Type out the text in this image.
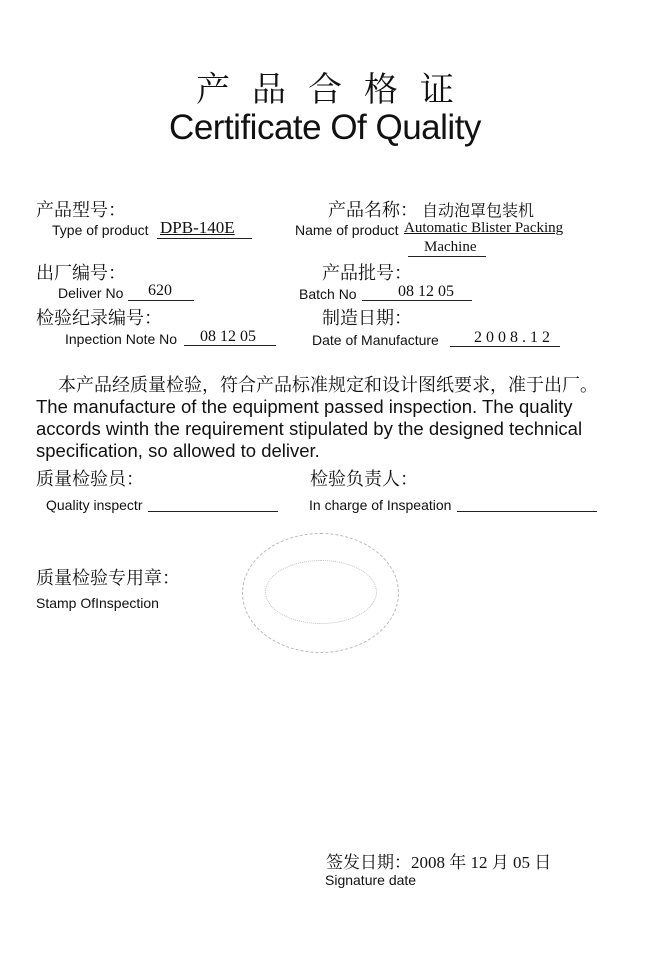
产品合格证
Certificate Of Quality
产品型号：
Type of product DPB-140E
产品名称： 自动泡罩包装机
Name of product Automatic Blister Packing
Machine
出厂编号：
Deliver No 620
产品批号：
Batch No	08 12 05
检验纪录编号：
Inpection Note No 08 12 05
制造日期：
Date of Manufacture 2 0 0 8 . 1 2
本产品经质量检验，符合产品标准规定和设计图纸要求，准于出厂。
The manufacture of the equipment passed inspection. The quality accords winth the requirement stipulated by the designed technical specification, so allowed to deliver.
质量检验员：
Quality inspectr
检验负责人：
In charge of Inspeation
质量检验专用章：
Stamp OfInspection
签发日期：2008 年 12 月 05 日
Signature date
